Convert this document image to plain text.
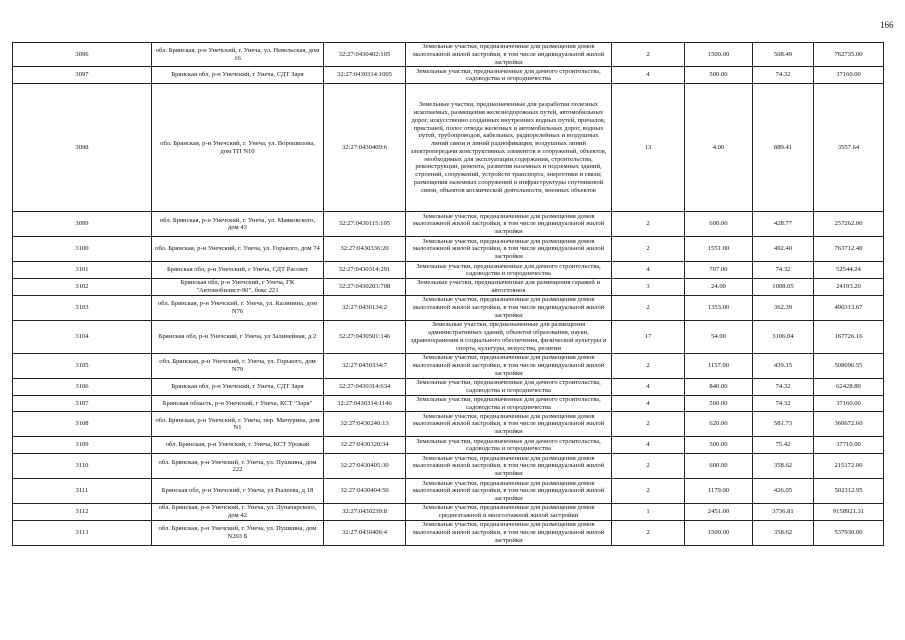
166
3096	обл. Брянская, р-н Унечский, г. Унеча, ул. Невельская, дом 16	32:27:0430402:105	Земельные участки, предназначенные для размещения домов малоэтажной жилой застройки, в том числе индивидуальной жилой застройки	2	1500.00	508.49	762735.00
3097	Брянская обл, р-н Унечский, г Унеча, СДТ Заря	32:27:0430314:1005	Земельные участки, предназначенные для дачного строительства, садоводства и огородничества	4	500.00	74.32	37160.00
3098	обл. Брянская, р-н Унечский, г. Унеча, ул. Ворошилова, дом ТП N10	32:27:0430409:6	Земельные участки, предназначенные для разработки полезных ископаемых, размещения железнодорожных путей, автомобильных дорог, искусственно созданных внутренних водных путей, причалов, пристаней, полос отвода железных и автомобильных дорог, водных путей, трубопроводов, кабельных, радиорелейных и воздушных линий связи и линий радиофикации, воздушных линий электропередачи конструктивных элементов и сооружений, объектов, необходимых для эксплуатации,содержания, строительства, реконструкции, ремонта, развития наземных и подземных зданий, строений, сооружений, устройств транспорта, энергетики и связи; размещения наземных сооружений и инфраструктуры спутниковой связи, объектов космической деятельности, военных объектов	13	4.00	889.41	3557.64
3099	обл. Брянская, р-н Унечский, г. Унеча, ул. Маяковского, дом 43	32:27:0430115:105	Земельные участки, предназначенные для размещения домов малоэтажной жилой застройки, в том числе индивидуальной жилой застройки	2	600.00	428.77	257262.00
3100	обл. Брянская, р-н Унечский, г. Унеча, ул. Горького, дом 74	32:27:0430336:20	Земельные участки, предназначенные для размещения домов малоэтажной жилой застройки, в том числе индивидуальной жилой застройки	2	1551.00	492.40	763712.40
3101	Брянская обл, р-н Унечский, г Унеча, СДТ Рассвет	32:27:0430314:291	Земельные участки, предназначенные для дачного строительства, садоводства и огородничества	4	707.00	74.32	52544.24
3102	Брянская обл, р-н Унечский, г Унеча, ГК "Автомобилист-90", бокс 221	32:27:0430203:708	Земельные участки, предназначенные для размещения гаражей и автостоянок	3	24.00	1008.05	24193.20
3103	обл. Брянская, р-н Унечский, г. Унеча, ул. Калинина, дом N76	32:27:0430134:2	Земельные участки, предназначенные для размещения домов малоэтажной жилой застройки, в том числе индивидуальной жилой застройки	2	1353.00	362.39	490313.67
3104	Брянская обл, р-н Унечский, г Унеча, ул Залинейная, д 2	32:27:0430501:146	Земельные участки, предназначенные для размещения административных зданий, объектов образования, науки, здравоохранения и социального обеспечения, физической культуры и спорта, культуры, искусства, религии	17	54.00	3106.04	167726.16
3105	обл. Брянская, р-н Унечский, г. Унеча, ул. Горького, дом N79	32:27:0430334:7	Земельные участки, предназначенные для размещения домов малоэтажной жилой застройки, в том числе индивидуальной жилой застройки	2	1157.00	439.15	508096.55
3106	Брянская обл, р-н Унечский, г Унеча, СДТ Заря	32:27:0430314:634	Земельные участки, предназначенные для дачного строительства, садоводства и огородничества	4	840.00	74.32	62428.80
3107	Брянская область, р-н Унечский, г Унеча, КСТ "Заря"	32:27:0430314:1146	Земельные участки, предназначенные для дачного строительства, садоводства и огородничества	4	500.00	74.32	37160.00
3108	обл. Брянская, р-н Унечский, г. Унеча, пер. Мичурина, дом N1	32:27:0430240:13	Земельные участки, предназначенные для размещения домов малоэтажной жилой застройки, в том числе индивидуальной жилой застройки	2	620.00	581.73	360672.60
3109	обл. Брянская, р-н Унечский, г. Унеча, КСТ Урожай	32:27:0430320:34	Земельные участки, предназначенные для дачного строительства, садоводства и огородничества	4	500.00	75.42	37710.00
3110	обл. Брянская, р-н Унечский, г. Унеча, ул. Пушкина, дом 222	32:27:0430405:30	Земельные участки, предназначенные для размещения домов малоэтажной жилой застройки, в том числе индивидуальной жилой застройки	2	600.00	358.62	215172.00
3111	Брянская обл, р-н Унечский, г Унеча, ул Рылеева, д 18	32:27:0430404:50	Земельные участки, предназначенные для размещения домов малоэтажной жилой застройки, в том числе индивидуальной жилой застройки	2	1179.00	426.05	502312.95
3112	обл. Брянская, р-н Унечский, г. Унеча, ул. Луначарского, дом 42	32:27:0430239:8	Земельные участки, предназначенные для размещения домов среднеэтажной и многоэтажной жилой застройки	1	2451.00	3736.81	9158921.31
3113	обл. Брянская, р-н Унечский, г. Унеча, ул. Пушкина, дом N203 Б	32:27:0430406:4	Земельные участки, предназначенные для размещения домов малоэтажной жилой застройки, в том числе индивидуальной жилой застройки	2	1500.00	358.62	537930.00
